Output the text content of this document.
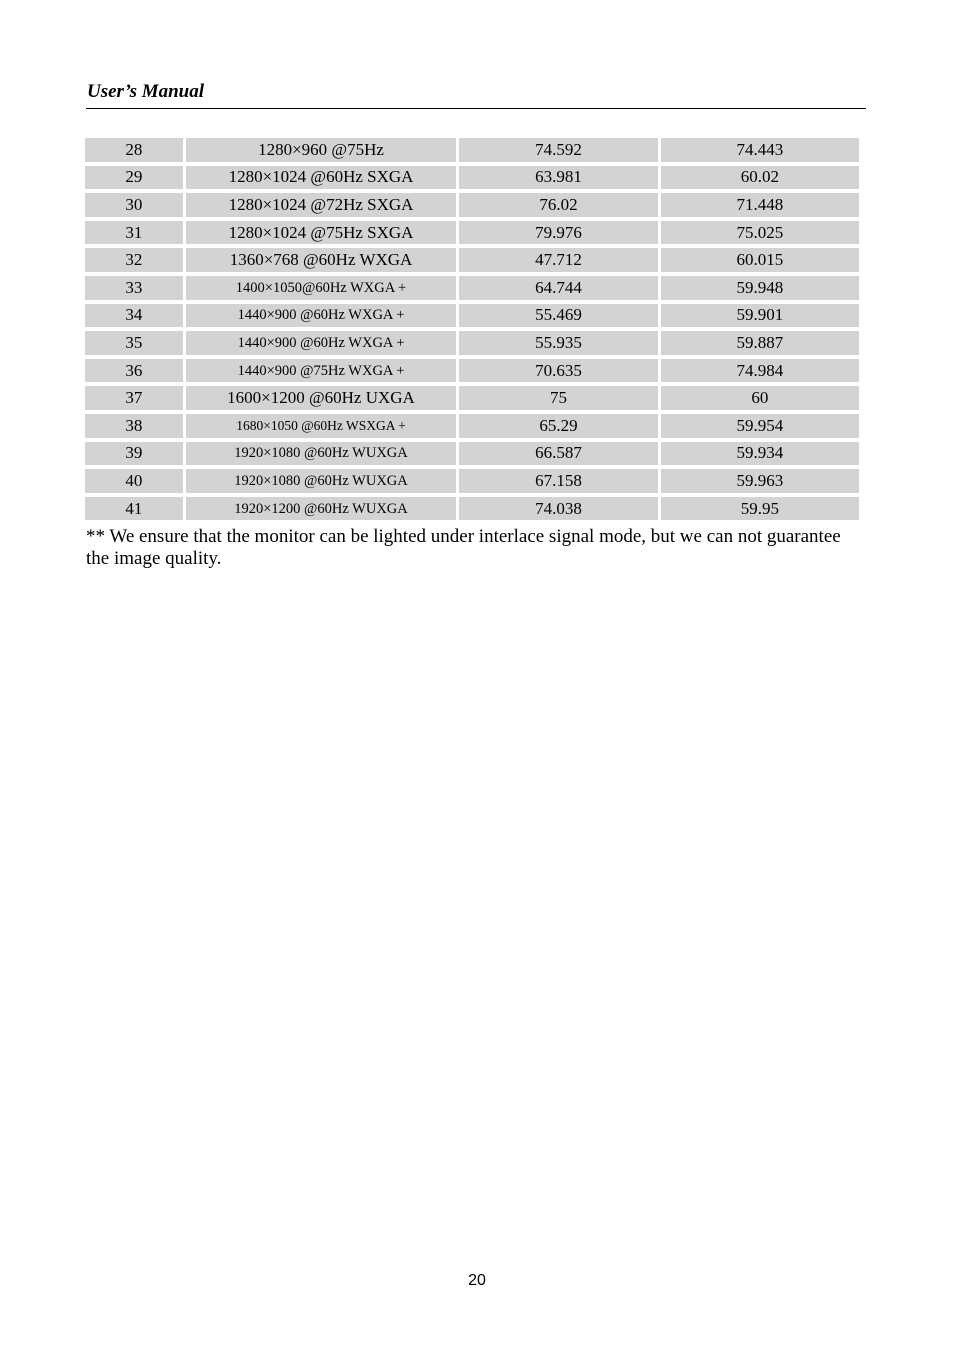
User’s Manual
28	1280×960 @75Hz	74.592	74.443
29	1280×1024 @60Hz SXGA	63.981	60.02
30	1280×1024 @72Hz SXGA	76.02	71.448
31	1280×1024 @75Hz SXGA	79.976	75.025
32	1360×768 @60Hz WXGA	47.712	60.015
33	1400×1050@60Hz WXGA +	64.744	59.948
34	1440×900 @60Hz WXGA +	55.469	59.901
35	1440×900 @60Hz WXGA +	55.935	59.887
36	1440×900 @75Hz WXGA +	70.635	74.984
37	1600×1200 @60Hz UXGA	75	60
38	1680×1050 @60Hz WSXGA +	65.29	59.954
39	1920×1080 @60Hz WUXGA	66.587	59.934
40	1920×1080 @60Hz WUXGA	67.158	59.963
41	1920×1200 @60Hz WUXGA	74.038	59.95
** We ensure that the monitor can be lighted under interlace signal mode, but we can not guarantee the image quality.
20
